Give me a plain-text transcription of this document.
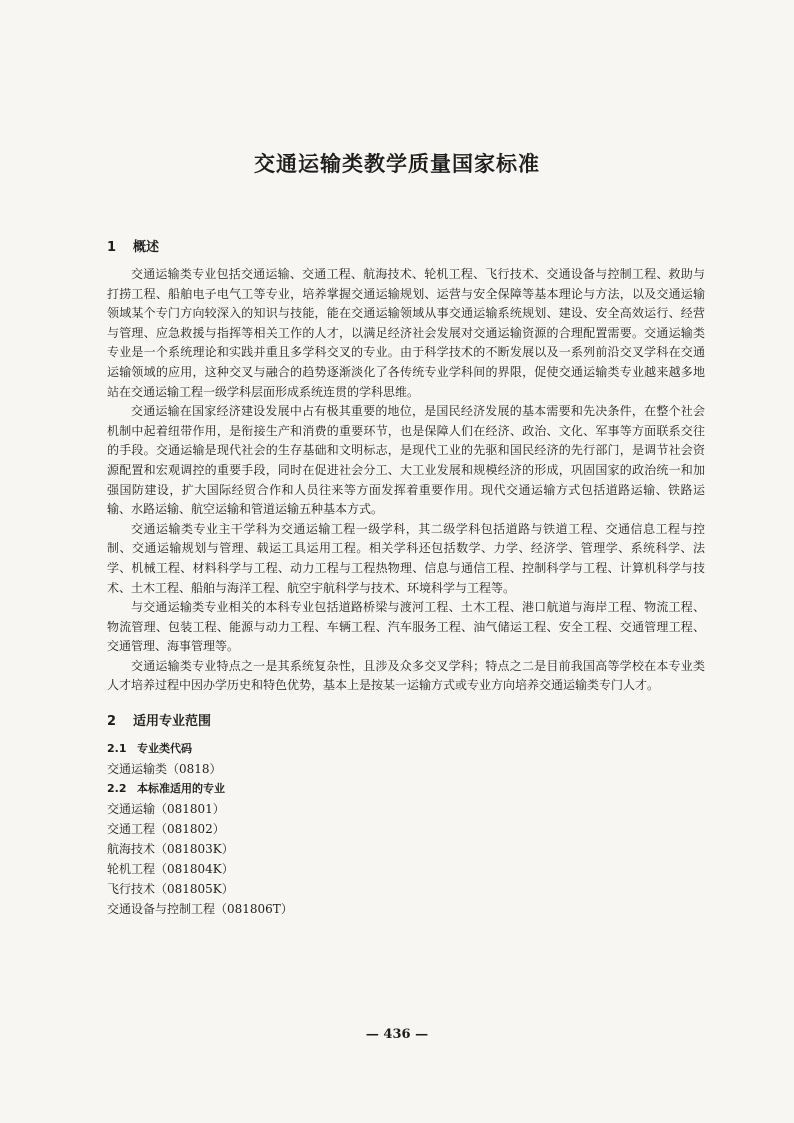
交通运输类教学质量国家标准
1 概述

交通运输类专业包括交通运输、交通工程、航海技术、轮机工程、飞行技术、交通设备与控制工程、救助与打捞工程、船舶电子电气工等专业，培养掌握交通运输规划、运营与安全保障等基本理论与方法，以及交通运输领域某个专门方向较深入的知识与技能，能在交通运输领域从事交通运输系统规划、建设、安全高效运行、经营与管理、应急救援与指挥等相关工作的人才，以满足经济社会发展对交通运输资源的合理配置需要。交通运输类专业是一个系统理论和实践并重且多学科交叉的专业。由于科学技术的不断发展以及一系列前沿交叉学科在交通运输领域的应用，这种交叉与融合的趋势逐渐淡化了各传统专业学科间的界限，促使交通运输类专业越来越多地站在交通运输工程一级学科层面形成系统连贯的学科思维。

交通运输在国家经济建设发展中占有极其重要的地位，是国民经济发展的基本需要和先决条件，在整个社会机制中起着纽带作用，是衔接生产和消费的重要环节，也是保障人们在经济、政治、文化、军事等方面联系交往的手段。交通运输是现代社会的生存基础和文明标志，是现代工业的先驱和国民经济的先行部门，是调节社会资源配置和宏观调控的重要手段，同时在促进社会分工、大工业发展和规模经济的形成，巩固国家的政治统一和加强国防建设，扩大国际经贸合作和人员往来等方面发挥着重要作用。现代交通运输方式包括道路运输、铁路运输、水路运输、航空运输和管道运输五种基本方式。

交通运输类专业主干学科为交通运输工程一级学科，其二级学科包括道路与铁道工程、交通信息工程与控制、交通运输规划与管理、载运工具运用工程。相关学科还包括数学、力学、经济学、管理学、系统科学、法学、机械工程、材料科学与工程、动力工程与工程热物理、信息与通信工程、控制科学与工程、计算机科学与技术、土木工程、船舶与海洋工程、航空宇航科学与技术、环境科学与工程等。

与交通运输类专业相关的本科专业包括道路桥梁与渡河工程、土木工程、港口航道与海岸工程、物流工程、物流管理、包装工程、能源与动力工程、车辆工程、汽车服务工程、油气储运工程、安全工程、交通管理工程、交通管理、海事管理等。

交通运输类专业特点之一是其系统复杂性，且涉及众多交叉学科；特点之二是目前我国高等学校在本专业类人才培养过程中因办学历史和特色优势，基本上是按某一运输方式或专业方向培养交通运输类专门人才。

2 适用专业范围
2.1 专业类代码

交通运输类（0818）

2.2 本标准适用的专业

交通运输（081801）

交通工程（081802）

航海技术（081803K）

轮机工程（081804K）

飞行技术（081805K）

交通设备与控制工程（081806T）

— 436 —
